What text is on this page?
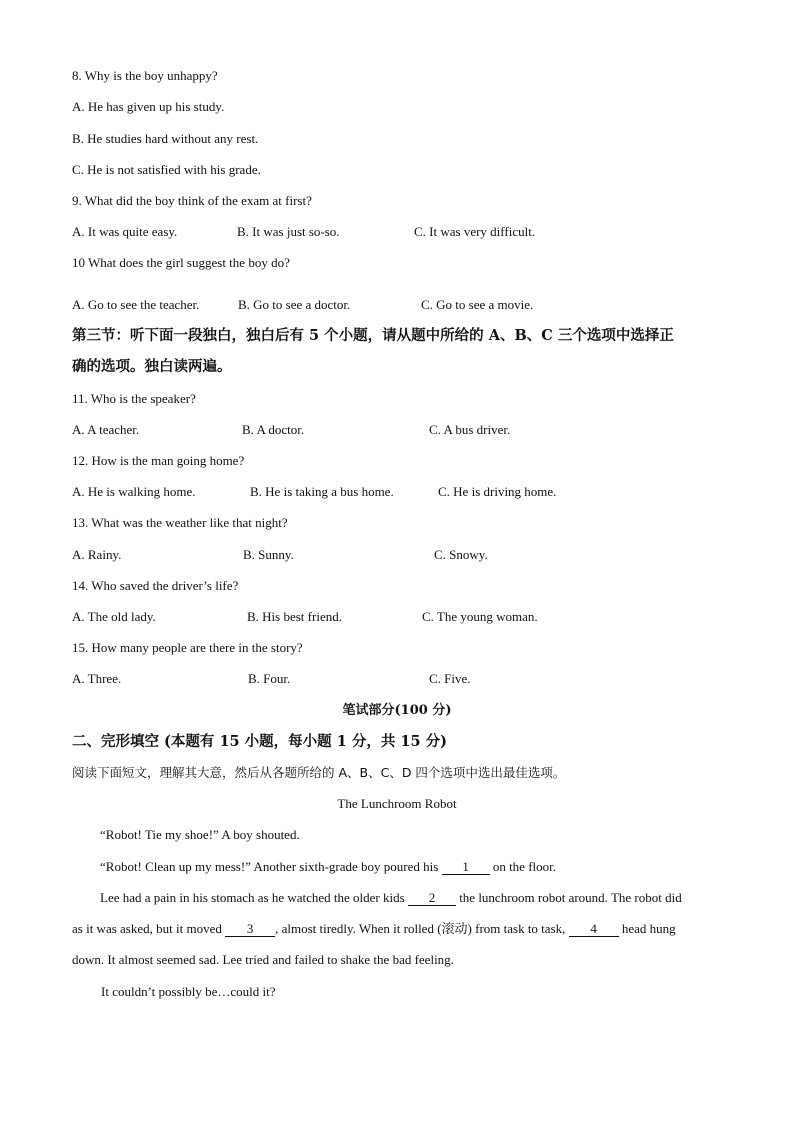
8. Why is the boy unhappy?
A. He has given up his study.
B. He studies hard without any rest.
C. He is not satisfied with his grade.
9. What did the boy think of the exam at first?
A. It was quite easy.	B. It was just so-so.	C. It was very difficult.
10 What does the girl suggest the boy do?
A. Go to see the teacher.	B. Go to see a doctor.	C. Go to see a movie.
第三节：听下面一段独白，独白后有 5 个小题，请从题中所给的 A、B、C 三个选项中选择正
确的选项。独白读两遍。
11. Who is the speaker?
A. A teacher.	B. A doctor.	C. A bus driver.
12. How is the man going home?
A. He is walking home.	B. He is taking a bus home.	C. He is driving home.
13. What was the weather like that night?
A. Rainy.	B. Sunny.	C. Snowy.
14. Who saved the driver’s life?
A. The old lady.	B. His best friend.	C. The young woman.
15. How many people are there in the story?
A. Three.	B. Four.	C. Five.
笔试部分(100 分)
二、完形填空 (本题有 15 小题，每小题 1 分，共 15 分)
阅读下面短文，理解其大意，然后从各题所给的 A、B、C、D 四个选项中选出最佳选项。
The Lunchroom Robot
“Robot! Tie my shoe!” A boy shouted.
“Robot! Clean up my mess!” Another sixth-grade boy poured his 1 on the floor.
Lee had a pain in his stomach as he watched the older kids 2 the lunchroom robot around. The robot did
as it was asked, but it moved 3 , almost tiredly. When it rolled (滚动) from task to task, 4 head hung
down. It almost seemed sad. Lee tried and failed to shake the bad feeling.
It couldn’t possibly be…could it?
